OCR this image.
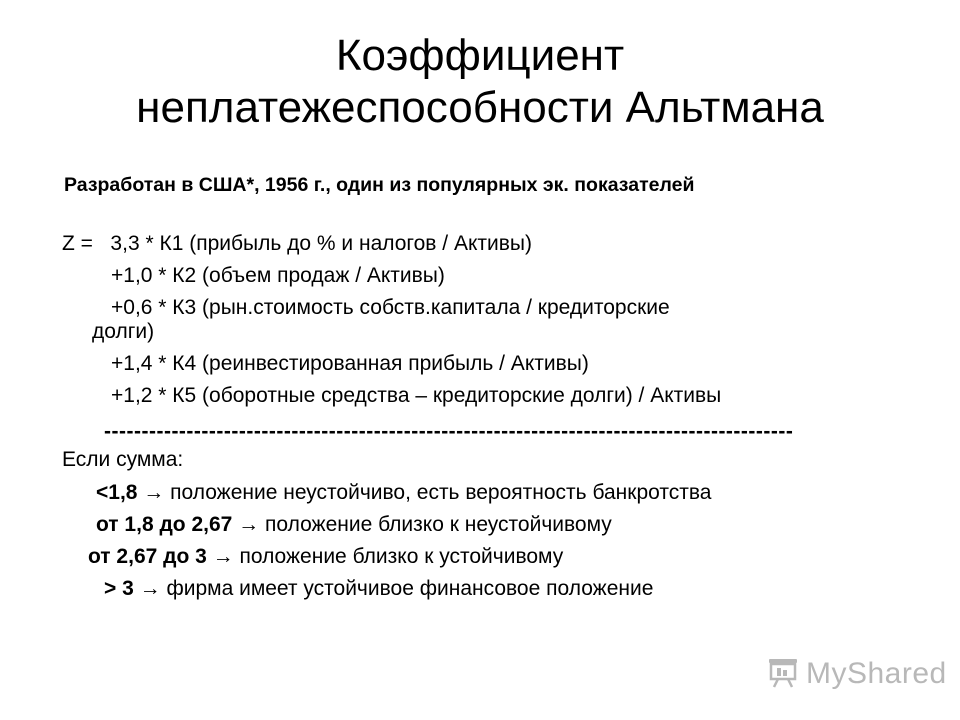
Коэффициент
неплатежеспособности Альтмана
Разработан в США*, 1956 г., один из популярных эк. показателей
Z =   3,3 * К1 (прибыль до % и налогов / Активы)
+1,0 * К2 (объем продаж / Активы)
+0,6 * К3 (рын.стоимость собств.капитала / кредиторские
долги)
+1,4 * К4 (реинвестированная прибыль / Активы)
+1,2 * К5 (оборотные средства – кредиторские долги) / Активы
--------------------------------------------------------------------------------------------
Если сумма:
<1,8 → положение неустойчиво, есть вероятность банкротства
от 1,8 до 2,67 → положение близко к неустойчивому
от 2,67 до 3 → положение близко к устойчивому
> 3 → фирма имеет устойчивое финансовое положение
MyShared
